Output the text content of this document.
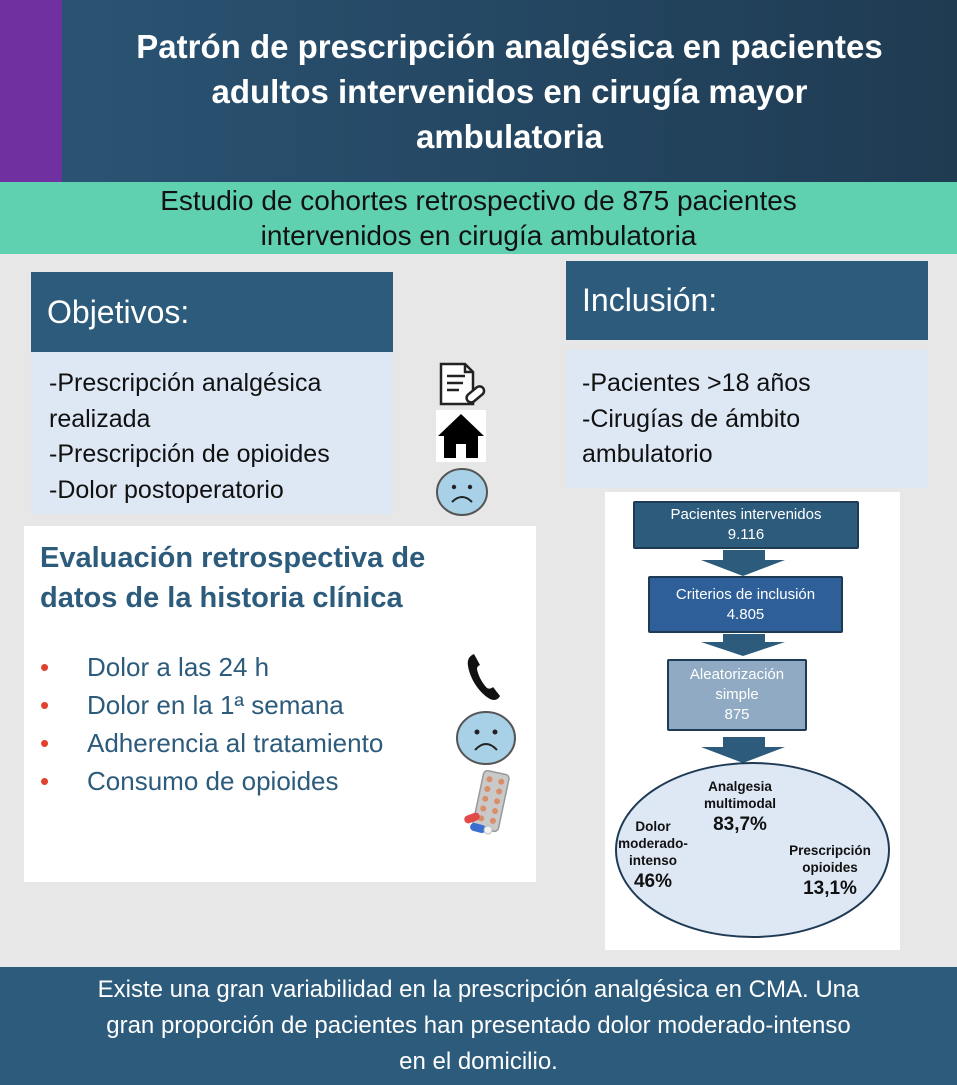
Patrón de prescripción analgésica en pacientes
adultos intervenidos en cirugía mayor
ambulatoria
Estudio de cohortes retrospectivo de 875 pacientes
intervenidos en cirugía ambulatoria
Objetivos:
-Prescripción analgésica
realizada
-Prescripción de opioides
-Dolor postoperatorio
Inclusión:
-Pacientes >18 años
-Cirugías de ámbito
ambulatorio
Evaluación retrospectiva de
datos de la historia clínica
•	Dolor a las 24 h
•	Dolor en la 1ª semana
•	Adherencia al tratamiento
•	Consumo de opioides
Pacientes intervenidos
9.116
Criterios de inclusión
4.805
Aleatorización
simple
875
Analgesia
multimodal
83,7%
Dolor
moderado-
intenso
46%
Prescripción
opioides
13,1%

Existe una gran variabilidad en la prescripción analgésica en CMA. Una
gran proporción de pacientes han presentado dolor moderado-intenso
en el domicilio.
